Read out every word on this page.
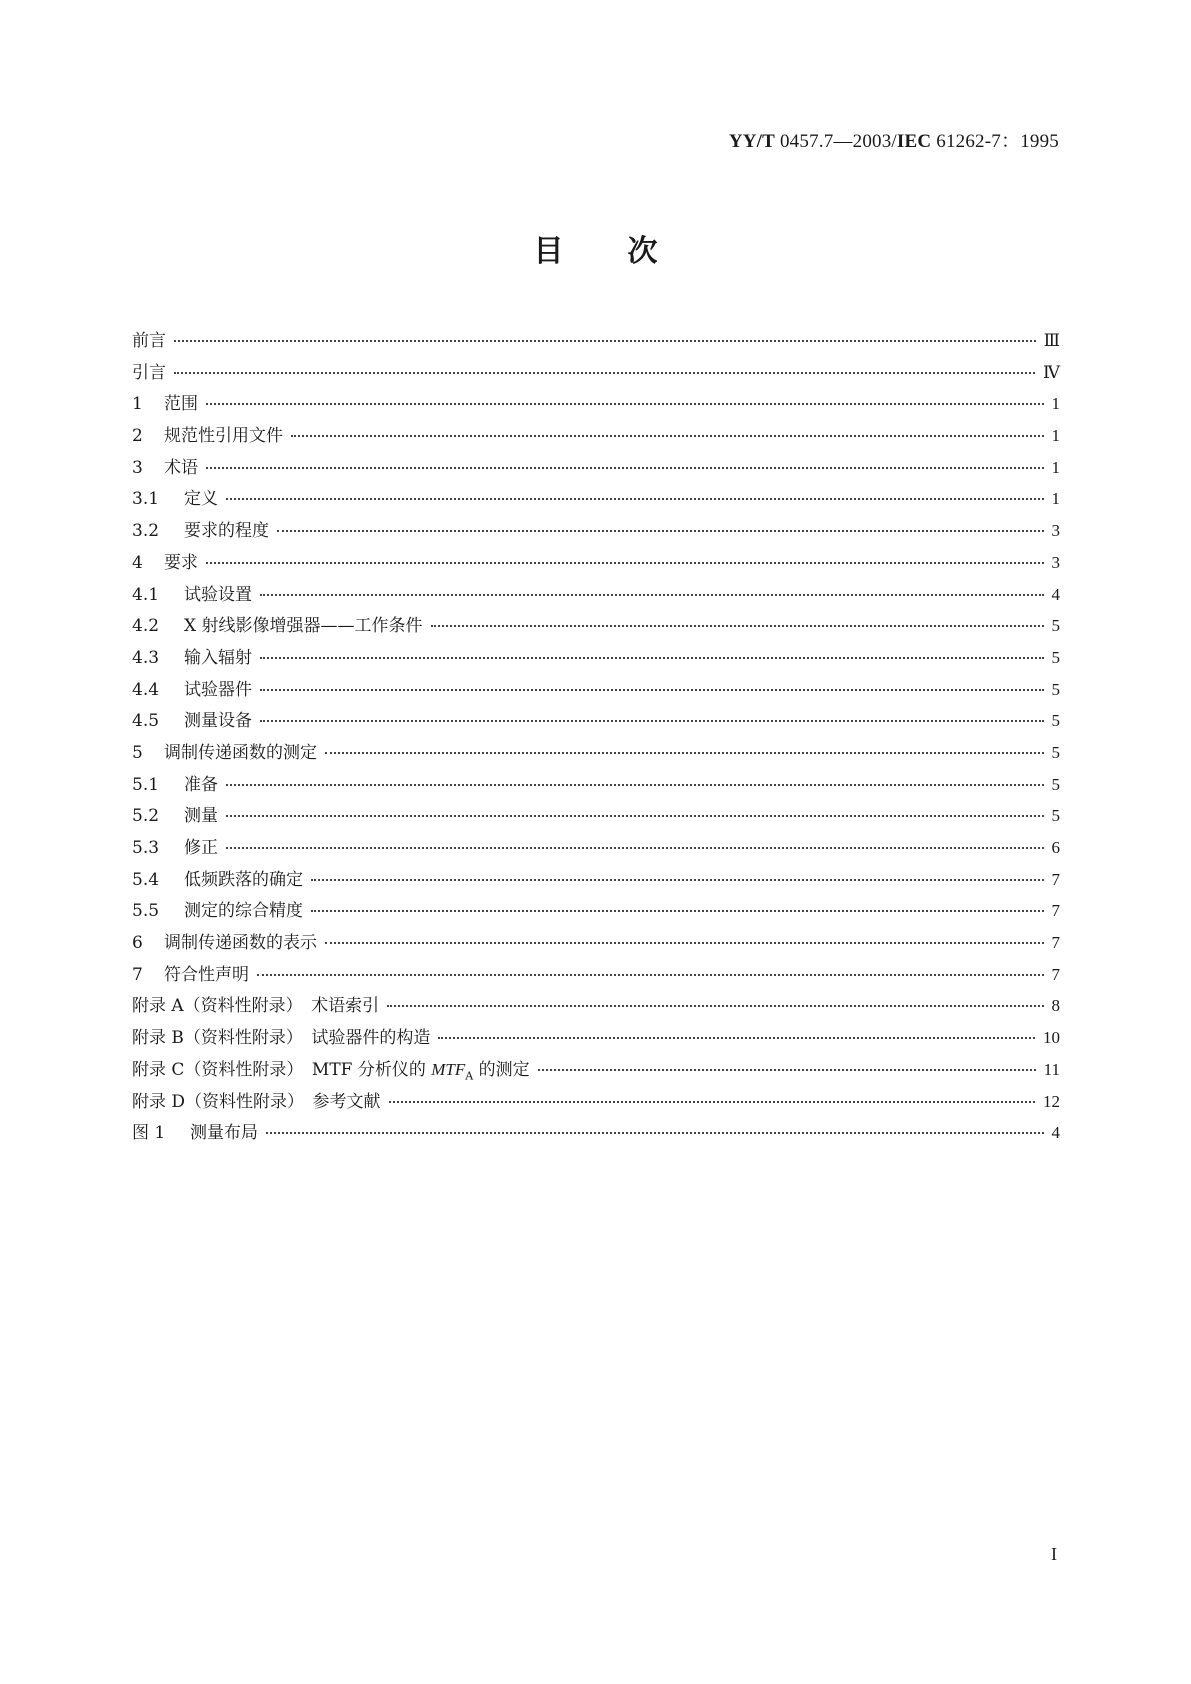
YY/T 0457.7—2003/IEC 61262-7：1995
目 次
前言	Ⅲ
引言	Ⅳ
1	范围	1
2	规范性引用文件	1
3	术语	1
3.1	定义	1
3.2	要求的程度	3
4	要求	3
4.1	试验设置	4
4.2	X 射线影像增强器——工作条件	5
4.3	输入辐射	5
4.4	试验器件	5
4.5	测量设备	5
5	调制传递函数的测定	5
5.1	准备	5
5.2	测量	5
5.3	修正	6
5.4	低频跌落的确定	7
5.5	测定的综合精度	7
6	调制传递函数的表示	7
7	符合性声明	7
附录 A（资料性附录）　术语索引	8
附录 B（资料性附录）　试验器件的构造	10
附录 C（资料性附录）　MTF 分析仪的 $MTF_A$ 的测定	11
附录 D（资料性附录）　参考文献	12
图 1	测量布局	4
I
